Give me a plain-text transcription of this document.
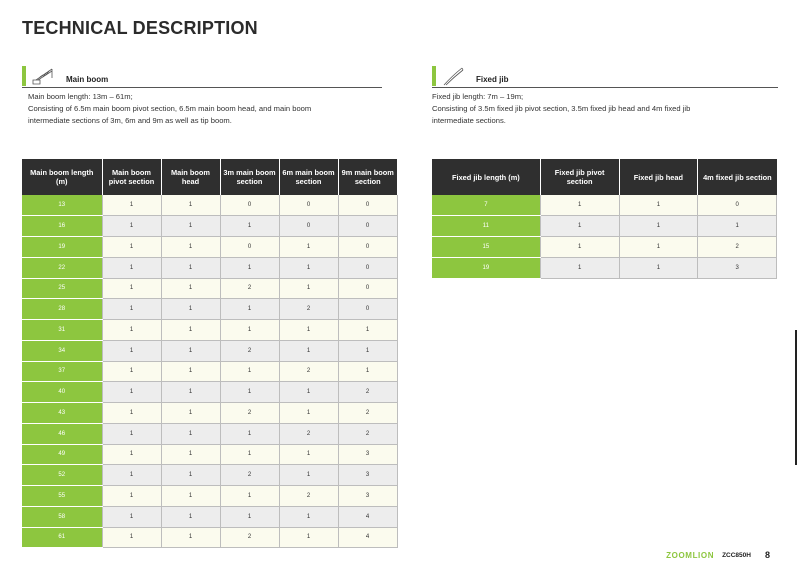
TECHNICAL DESCRIPTION
Main boom
Main boom length: 13m – 61m;
Consisting of 6.5m main boom pivot section, 6.5m main boom head, and main boom
intermediate sections of 3m, 6m and 9m as well as tip boom.
Fixed jib
Fixed jib length: 7m – 19m;
Consisting of 3.5m fixed jib pivot section, 3.5m fixed jib head and 4m fixed jib
intermediate sections.
Main boom length (m)	Main boom pivot section	Main boom head	3m main boom section	6m main boom section	9m main boom section
13	1	1	0	0	0
16	1	1	1	0	0
19	1	1	0	1	0
22	1	1	1	1	0
25	1	1	2	1	0
28	1	1	1	2	0
31	1	1	1	1	1
34	1	1	2	1	1
37	1	1	1	2	1
40	1	1	1	1	2
43	1	1	2	1	2
46	1	1	1	2	2
49	1	1	1	1	3
52	1	1	2	1	3
55	1	1	1	2	3
58	1	1	1	1	4
61	1	1	2	1	4
Fixed jib length (m)	Fixed jib pivot section	Fixed jib head	4m fixed jib section
7	1	1	0
11	1	1	1
15	1	1	2
19	1	1	3
ZOOMLION ZCC850H 8
